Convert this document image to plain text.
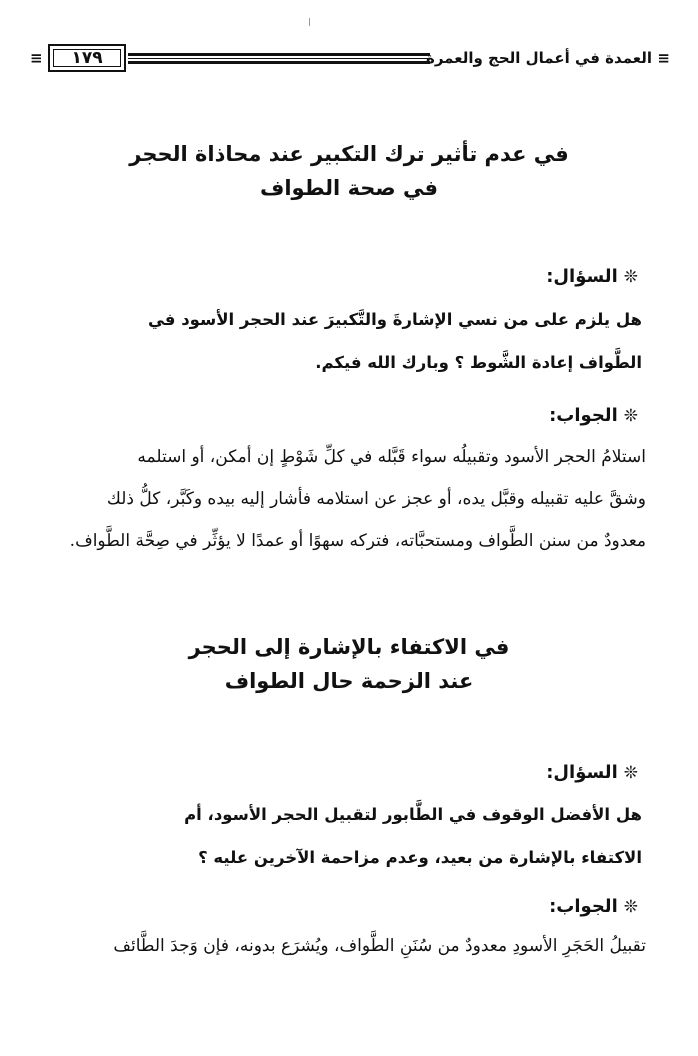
≡
العمدة في أعمال الحج والعمرة
١٧٩
≡
في عدم تأثير ترك التكبير عند محاذاة الحجر
في صحة الطواف
❊السؤال:
هل يلزم على من نسي الإشارةَ والتَّكبيرَ عند الحجر الأسود في
الطَّواف إعادة الشَّوط ؟ وبارك الله فيكم.
❊الجواب:
استلامُ الحجر الأسود وتقبيلُه سواء قَبَّله في كلِّ شَوْطٍ إن أمكن، أو استلمه
وشقَّ عليه تقبيله وقبَّل يده، أو عجز عن استلامه فأشار إليه بيده وكَبَّر، كلُّ ذلك
معدودٌ من سنن الطَّواف ومستحبَّاته، فتركه سهوًا أو عمدًا لا يؤثِّر في صِحَّة الطَّواف.
في الاكتفاء بالإشارة إلى الحجر
عند الزحمة حال الطواف
❊السؤال:
هل الأفضل الوقوف في الطَّابور لتقبيل الحجر الأسود، أم
الاكتفاء بالإشارة من بعيد، وعدم مزاحمة الآخرين عليه ؟
❊الجواب:
تقبيلُ الحَجَرِ الأسودِ معدودٌ من سُنَنِ الطَّواف، ويُشرَع بدونه، فإن وَجدَ الطَّائف
